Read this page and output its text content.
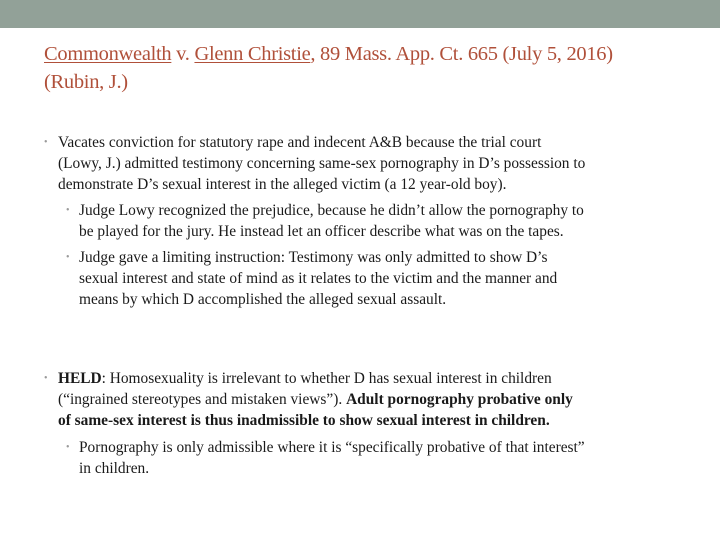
Commonwealth v. Glenn Christie, 89 Mass. App. Ct. 665 (July 5, 2016)
(Rubin, J.)
• Vacates conviction for statutory rape and indecent A&B because the trial court
(Lowy, J.) admitted testimony concerning same-sex pornography in D’s possession to
demonstrate D’s sexual interest in the alleged victim (a 12 year-old boy).
• Judge Lowy recognized the prejudice, because he didn’t allow the pornography to
be played for the jury. He instead let an officer describe what was on the tapes.
• Judge gave a limiting instruction: Testimony was only admitted to show D’s
sexual interest and state of mind as it relates to the victim and the manner and
means by which D accomplished the alleged sexual assault.
• HELD: Homosexuality is irrelevant to whether D has sexual interest in children
(“ingrained stereotypes and mistaken views”). Adult pornography probative only
of same-sex interest is thus inadmissible to show sexual interest in children.
• Pornography is only admissible where it is “specifically probative of that interest”
in children.
